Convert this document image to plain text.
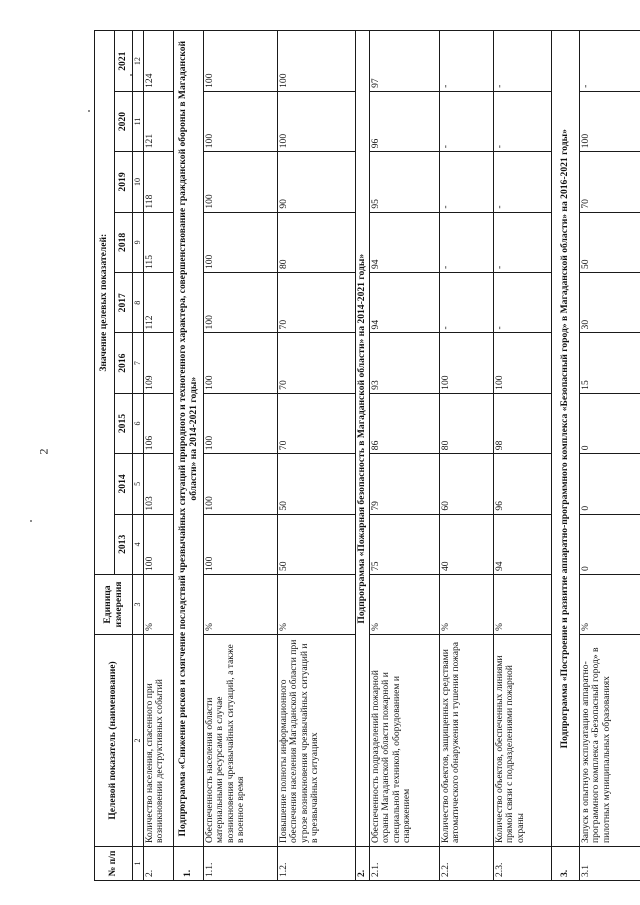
2
№ п/п	Целевой показатель (наименование)	Единица измерения	Значение целевых показателей:								
			2013	2014	2015	2016	2017	2018	2019	2020	2021
1	2	3	4	5	6	7	8	9	10	11	12
2.	Количество населения, спасенного при возникновении деструктивных событий	%	100	103	106	109	112	115	118	121	124
1.	Подпрограмма «Снижение рисков и смягчение последствий чрезвычайных ситуаций природного и техногенного характера, совершенствование гражданской обороны в Магаданской области» на 2014-2021 годы»										
1.1.	Обеспеченность населения области материальными ресурсами в случае возникновения чрезвычайных ситуаций, а также в военное время	%	100	100	100	100	100	100	100	100	100
1.2.	Повышение полноты информационного обеспечения населения Магаданской области при угрозе возникновения чрезвычайных ситуаций и в чрезвычайных ситуациях	%	50	50	70	70	70	80	90	100	100
2.	Подпрограмма «Пожарная безопасность в Магаданской области» на 2014-2021 годы»										
2.1.	Обеспеченность подразделений пожарной охраны Магаданской области пожарной и специальной техникой, оборудованием и снаряжением	%	75	79	86	93	94	94	95	96	97
2.2.	Количество объектов, защищенных средствами автоматического обнаружения и тушения пожара	%	40	60	80	100	-	-	-	-	-
2.3.	Количество объектов, обеспеченных линиями прямой связи с подразделениями пожарной охраны	%	94	96	98	100	-	-	-	-	-
3.	Подпрограмма «Построение и развитие аппаратно-программного комплекса «Безопасный город» в Магаданской области» на 2016-2021 годы»										
3.1	Запуск в опытную эксплуатацию аппаратно-программного комплекса «Безопасный город» в пилотных муниципальных образованиях	%	0	0	0	15	30	50	70	100	-
